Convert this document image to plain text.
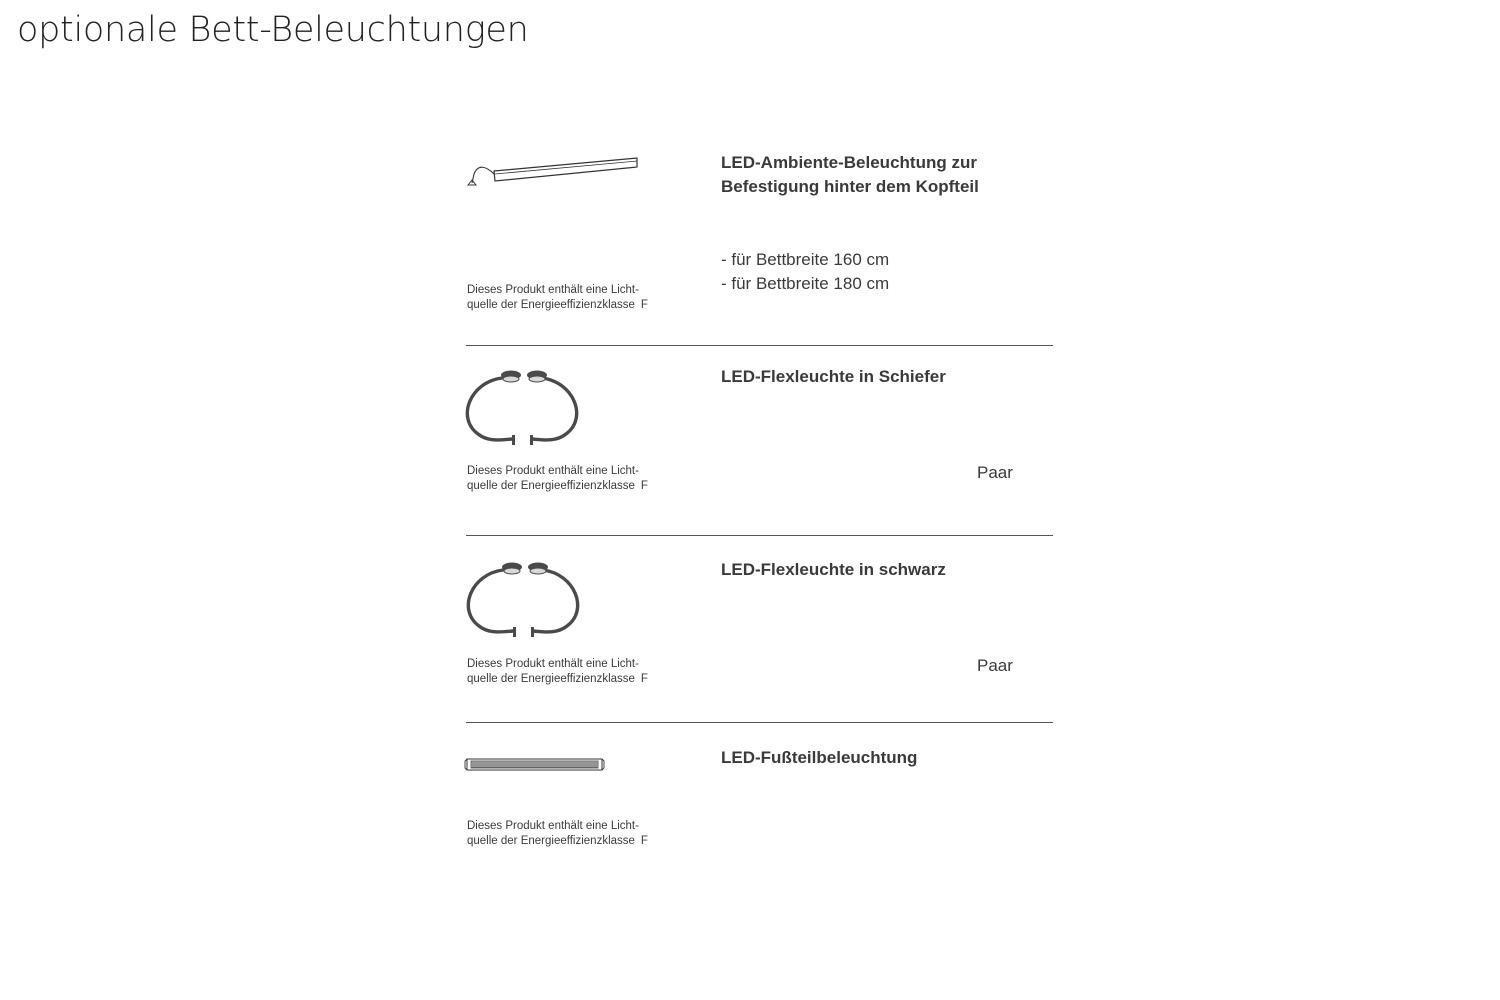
optionale Bett-Beleuchtungen
LED-Ambiente-Beleuchtung zur Befestigung hinter dem Kopfteil
- für Bettbreite 160 cm
- für Bettbreite 180 cm
Dieses Produkt enthält eine Licht-
quelle der Energieeffizienzklasse F
LED-Flexleuchte in Schiefer
Paar
Dieses Produkt enthält eine Licht-
quelle der Energieeffizienzklasse F
LED-Flexleuchte in schwarz
Paar
Dieses Produkt enthält eine Licht-
quelle der Energieeffizienzklasse F
LED-Fußteilbeleuchtung
Dieses Produkt enthält eine Licht-
quelle der Energieeffizienzklasse F
